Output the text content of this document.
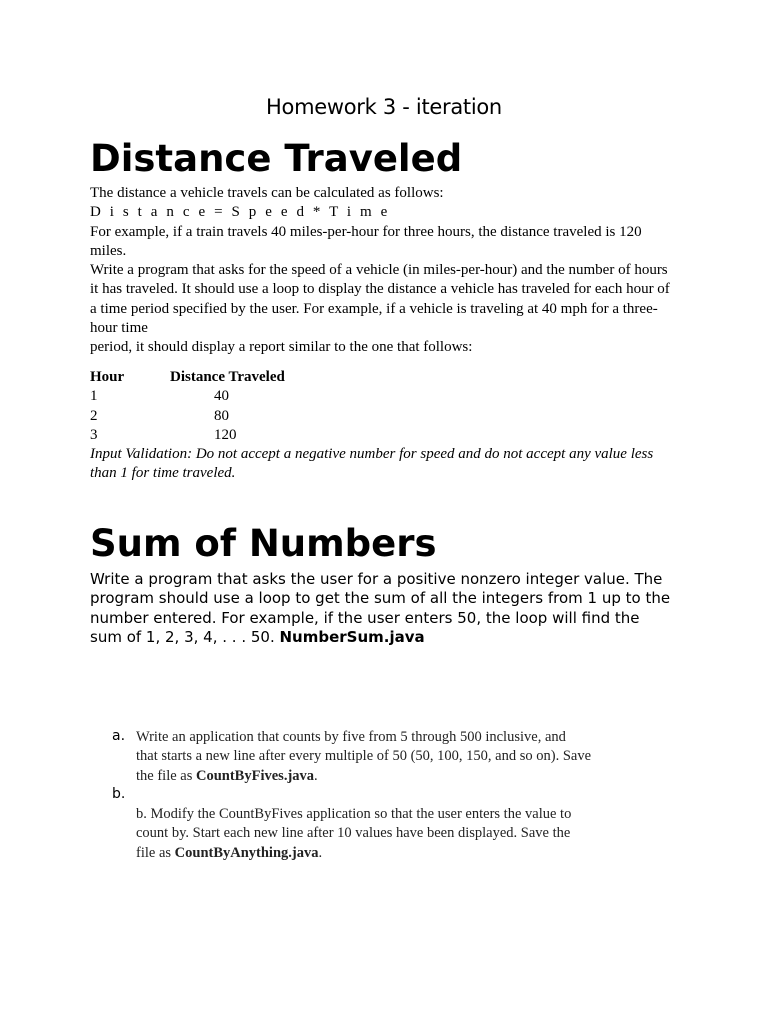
Homework 3 - iteration
Distance Traveled
The distance a vehicle travels can be calculated as follows:
D i s t a n c e = S p e e d * T i m e
For example, if a train travels 40 miles-per-hour for three hours, the distance traveled is 120
miles.
Write a program that asks for the speed of a vehicle (in miles-per-hour) and the number of hours
it has traveled. It should use a loop to display the distance a vehicle has traveled for each hour of
a time period specified by the user. For example, if a vehicle is traveling at 40 mph for a three-
hour time
period, it should display a report similar to the one that follows:
Hour	Distance Traveled
1	40
2	80
3	120
Input Validation: Do not accept a negative number for speed and do not accept any value less
than 1 for time traveled.
Sum of Numbers
Write a program that asks the user for a positive nonzero integer value. The
program should use a loop to get the sum of all the integers from 1 up to the
number entered. For example, if the user enters 50, the loop will find the
sum of 1, 2, 3, 4, . . . 50. NumberSum.java
a. Write an application that counts by five from 5 through 500 inclusive, and
that starts a new line after every multiple of 50 (50, 100, 150, and so on). Save
the file as CountByFives.java.
b.
b. Modify the CountByFives application so that the user enters the value to
count by. Start each new line after 10 values have been displayed. Save the
file as CountByAnything.java.
